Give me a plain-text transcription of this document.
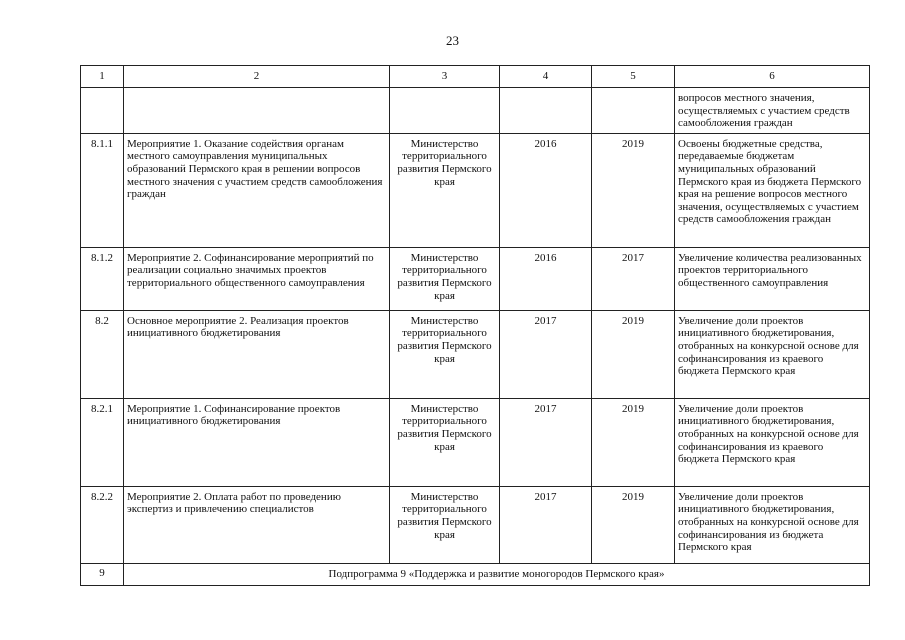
23
1	2	3	4	5	6
					вопросов местного значения, осуществляемых с участием средств самообложения граждан
8.1.1	Мероприятие 1. Оказание содействия органам местного самоуправления муниципальных образований Пермского края в решении вопросов местного значения с участием средств самообложения граждан	Министерство территориального развития Пермского края	2016	2019	Освоены бюджетные средства, передаваемые бюджетам муниципальных образований Пермского края из бюджета Пермского края на решение вопросов местного значения, осуществляемых с участием средств самообложения граждан
8.1.2	Мероприятие 2. Софинансирование мероприятий по реализации социально значимых проектов территориального общественного самоуправления	Министерство территориального развития Пермского края	2016	2017	Увеличение количества реализованных проектов территориального общественного самоуправления
8.2	Основное мероприятие 2. Реализация проектов инициативного бюджетирования	Министерство территориального развития Пермского края	2017	2019	Увеличение доли проектов инициативного бюджетирования, отобранных на конкурсной основе для софинансирования из краевого бюджета Пермского края
8.2.1	Мероприятие 1. Софинансирование проектов инициативного бюджетирования	Министерство территориального развития Пермского края	2017	2019	Увеличение доли проектов инициативного бюджетирования, отобранных на конкурсной основе для софинансирования из краевого бюджета Пермского края
8.2.2	Мероприятие 2. Оплата работ по проведению экспертиз и привлечению специалистов	Министерство территориального развития Пермского края	2017	2019	Увеличение доли проектов инициативного бюджетирования, отобранных на конкурсной основе для софинансирования из бюджета Пермского края
9	Подпрограмма 9 «Поддержка и развитие моногородов Пермского края»				
